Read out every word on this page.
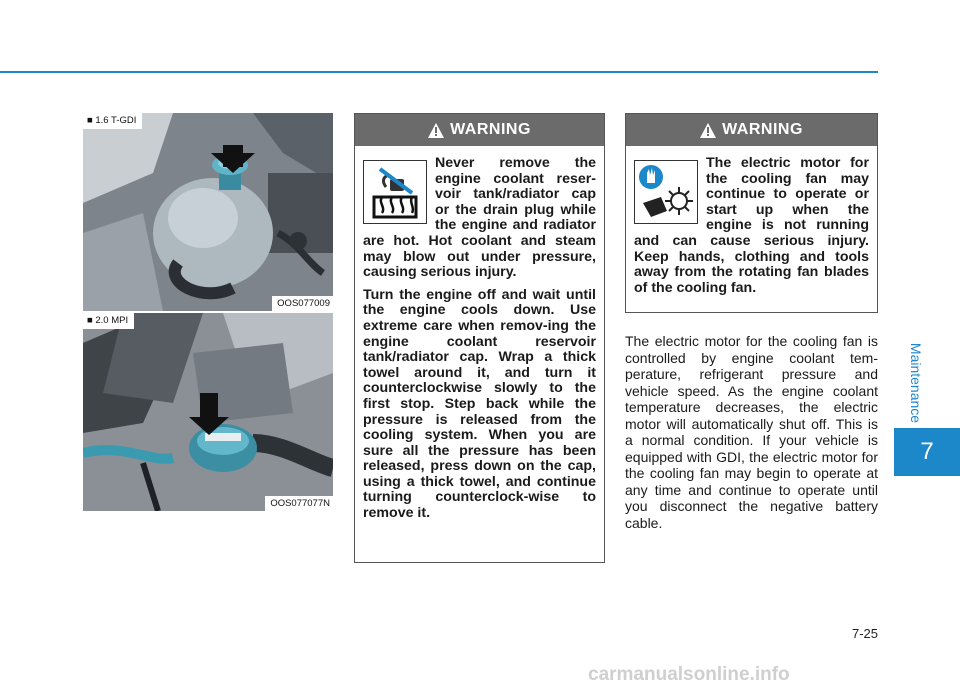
Maintenance
7
7-25
■ 1.6 T-GDI
OOS077009
■ 2.0 MPI
OOS077077N
WARNING

Never remove the engine coolant reser-voir tank/radiator cap or the drain plug while the engine and radiator are hot. Hot coolant and steam may blow out under pressure, causing serious injury.

Turn the engine off and wait until the engine cools down. Use extreme care when remov-ing the engine coolant reservoir tank/radiator cap. Wrap a thick towel around it, and turn it counterclockwise slowly to the first stop. Step back while the pressure is released from the cooling system. When you are sure all the pressure has been released, press down on the cap, using a thick towel, and continue turning counterclock-wise to remove it.

WARNING

The electric motor for the cooling fan may continue to operate or start up when the engine is not running and can cause serious injury. Keep hands, clothing and tools away from the rotating fan blades of the cooling fan.

The electric motor for the cooling fan is controlled by engine coolant tem-perature, refrigerant pressure and vehicle speed. As the engine coolant temperature decreases, the electric motor will automatically shut off. This is a normal condition. If your vehicle is equipped with GDI, the electric motor for the cooling fan may begin to operate at any time and continue to operate until you disconnect the negative battery cable.
carmanualsonline.info
